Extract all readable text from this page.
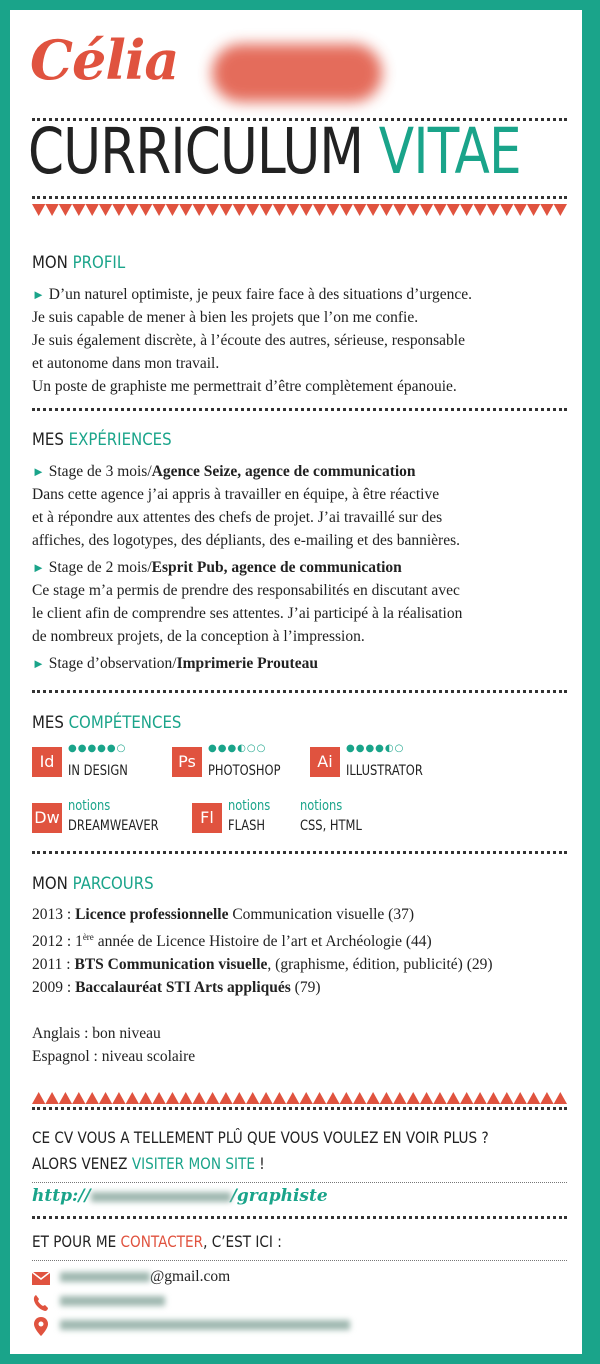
Célia
CURRICULUM VITAE
MON PROFIL

► D’un naturel optimiste, je peux faire face à des situations d’urgence.

Je suis capable de mener à bien les projets que l’on me confie.

Je suis également discrète, à l’écoute des autres, sérieuse, responsable

et autonome dans mon travail.

Un poste de graphiste me permettrait d’être complètement épanouie.

MES EXPÉRIENCES

► Stage de 3 mois/Agence Seize, agence de communication

Dans cette agence j’ai appris à travailler en équipe, à être réactive

et à répondre aux attentes des chefs de projet. J’ai travaillé sur des

affiches, des logotypes, des dépliants, des e-mailing et des bannières.

► Stage de 2 mois/Esprit Pub, agence de communication

Ce stage m’a permis de prendre des responsabilités en discutant avec

le client afin de comprendre ses attentes. J’ai participé à la réalisation

de nombreux projets, de la conception à l’impression.

► Stage d’observation/Imprimerie Prouteau

MES COMPÉTENCES
Id
●●●●●○
IN DESIGN	Ps
●●●◐○○
PHOTOSHOP	Ai
●●●●◐○
ILLUSTRATOR
Dw
notions
DREAMWEAVER	Fl
notions
FLASH
notions
CSS, HTML
MON PARCOURS

2013 : Licence professionnelle Communication visuelle (37)

2012 : 1ère année de Licence Histoire de l’art et Archéologie (44)

2011 : BTS Communication visuelle, (graphisme, édition, publicité) (29)

2009 : Baccalauréat STI Arts appliqués (79)

Anglais : bon niveau

Espagnol : niveau scolaire

CE CV VOUS A TELLEMENT PLÛ QUE VOUS VOULEZ EN VOIR PLUS ?
ALORS VENEZ VISITER MON SITE !
http://	/graphiste
ET POUR ME CONTACTER, C’EST ICI :
@gmail.com
